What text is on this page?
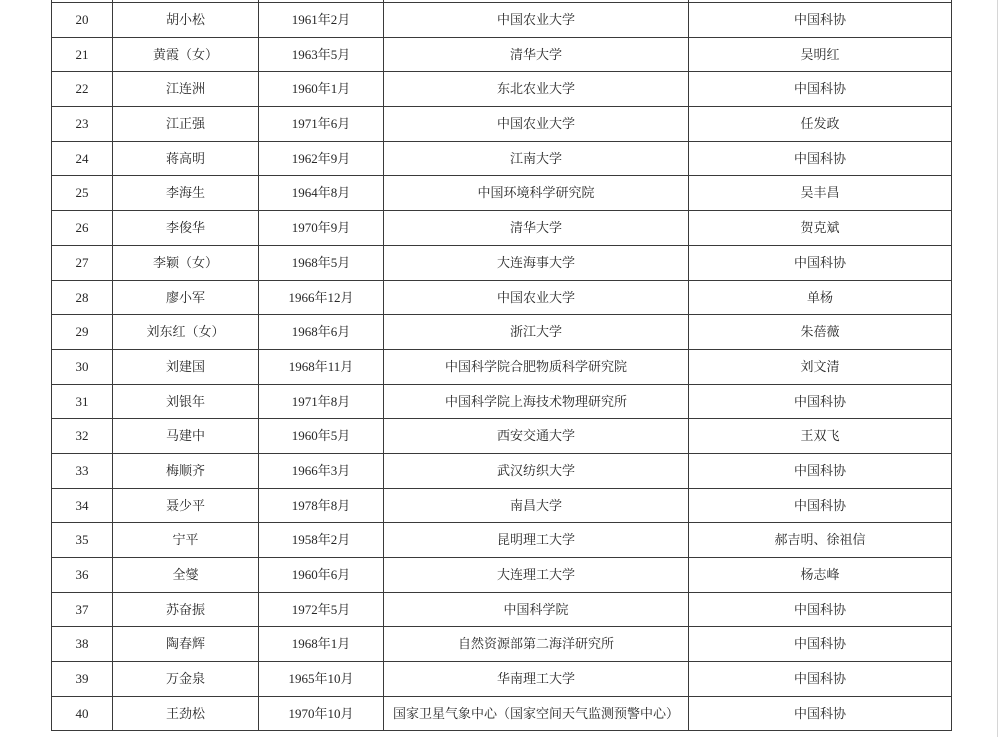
20	胡小松	1961年2月	中国农业大学	中国科协
21	黄霞（女）	1963年5月	清华大学	吴明红
22	江连洲	1960年1月	东北农业大学	中国科协
23	江正强	1971年6月	中国农业大学	任发政
24	蒋高明	1962年9月	江南大学	中国科协
25	李海生	1964年8月	中国环境科学研究院	吴丰昌
26	李俊华	1970年9月	清华大学	贺克斌
27	李颖（女）	1968年5月	大连海事大学	中国科协
28	廖小军	1966年12月	中国农业大学	单杨
29	刘东红（女）	1968年6月	浙江大学	朱蓓薇
30	刘建国	1968年11月	中国科学院合肥物质科学研究院	刘文清
31	刘银年	1971年8月	中国科学院上海技术物理研究所	中国科协
32	马建中	1960年5月	西安交通大学	王双飞
33	梅顺齐	1966年3月	武汉纺织大学	中国科协
34	聂少平	1978年8月	南昌大学	中国科协
35	宁平	1958年2月	昆明理工大学	郝吉明、徐祖信
36	全燮	1960年6月	大连理工大学	杨志峰
37	苏奋振	1972年5月	中国科学院	中国科协
38	陶春辉	1968年1月	自然资源部第二海洋研究所	中国科协
39	万金泉	1965年10月	华南理工大学	中国科协
40	王劲松	1970年10月	国家卫星气象中心（国家空间天气监测预警中心）	中国科协
